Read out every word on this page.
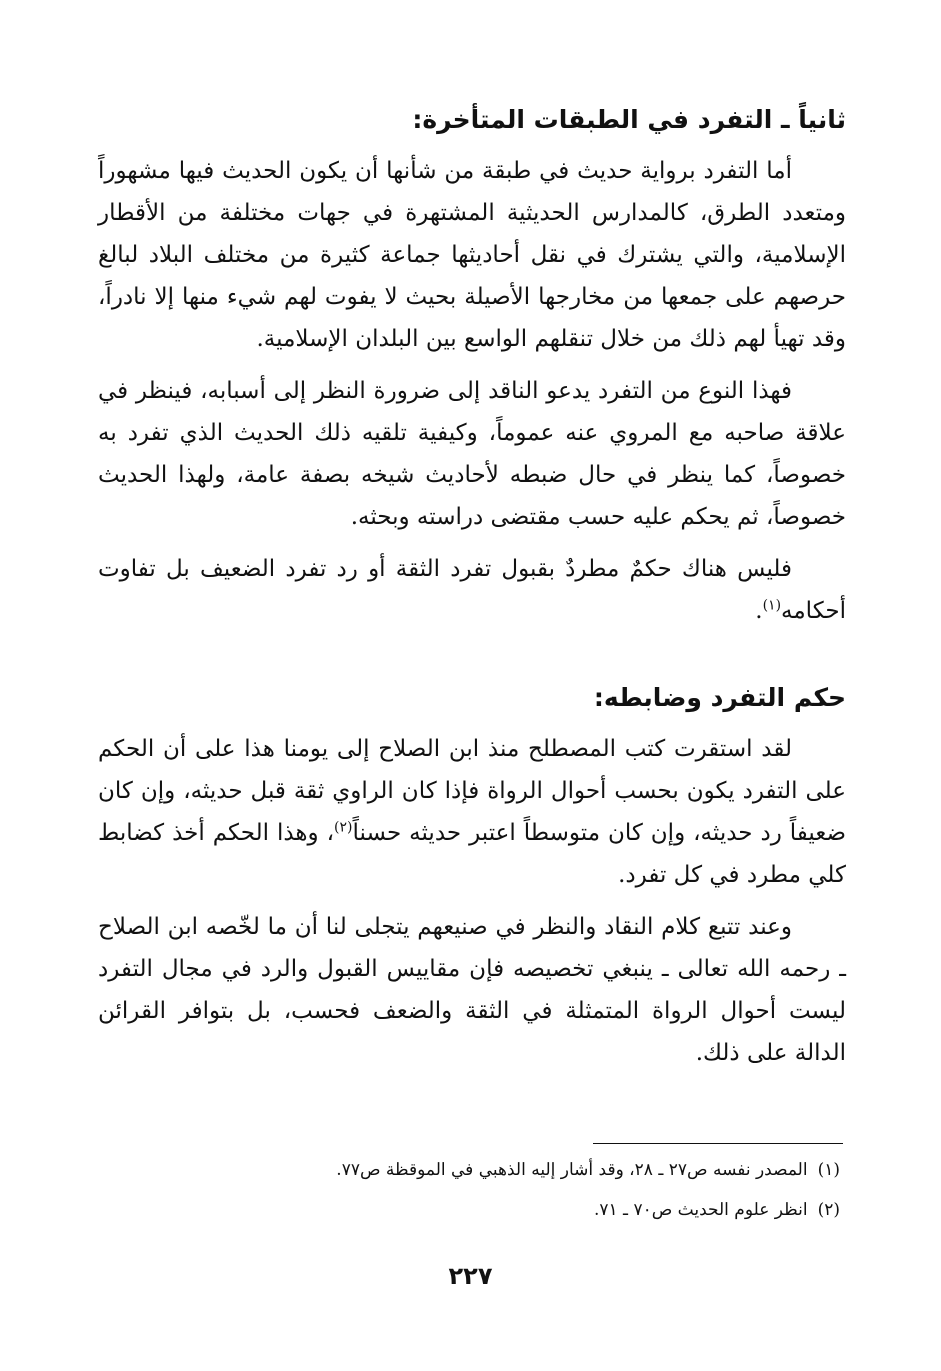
ثانياً ـ التفرد في الطبقات المتأخرة:

أما التفرد برواية حديث في طبقة من شأنها أن يكون الحديث فيها مشهوراً ومتعدد الطرق، كالمدارس الحديثية المشتهرة في جهات مختلفة من الأقطار الإسلامية، والتي يشترك في نقل أحاديثها جماعة كثيرة من مختلف البلاد لبالغ حرصهم على جمعها من مخارجها الأصيلة بحيث لا يفوت لهم شيء منها إلا نادراً، وقد تهيأ لهم ذلك من خلال تنقلهم الواسع بين البلدان الإسلامية.

فهذا النوع من التفرد يدعو الناقد إلى ضرورة النظر إلى أسبابه، فينظر في علاقة صاحبه مع المروي عنه عموماً، وكيفية تلقيه ذلك الحديث الذي تفرد به خصوصاً، كما ينظر في حال ضبطه لأحاديث شيخه بصفة عامة، ولهذا الحديث خصوصاً، ثم يحكم عليه حسب مقتضى دراسته وبحثه.

فليس هناك حكمٌ مطردٌ بقبول تفرد الثقة أو رد تفرد الضعيف بل تفاوت أحكامه$^{(١)}$.

حكم التفرد وضابطه:

لقد استقرت كتب المصطلح منذ ابن الصلاح إلى يومنا هذا على أن الحكم على التفرد يكون بحسب أحوال الرواة فإذا كان الراوي ثقة قبل حديثه، وإن كان ضعيفاً رد حديثه، وإن كان متوسطاً اعتبر حديثه حسناً$^{(٢)}$، وهذا الحكم أخذ كضابط كلي مطرد في كل تفرد.

وعند تتبع كلام النقاد والنظر في صنيعهم يتجلى لنا أن ما لخّصه ابن الصلاح ـ رحمه الله تعالى ـ ينبغي تخصيصه فإن مقاييس القبول والرد في مجال التفرد ليست أحوال الرواة المتمثلة في الثقة والضعف فحسب، بل بتوافر القرائن الدالة على ذلك.

(١)المصدر نفسه ص٢٧ ـ ٢٨، وقد أشار إليه الذهبي في الموقظة ص٧٧.

(٢)انظر علوم الحديث ص٧٠ ـ ٧١.

٢٢٧
